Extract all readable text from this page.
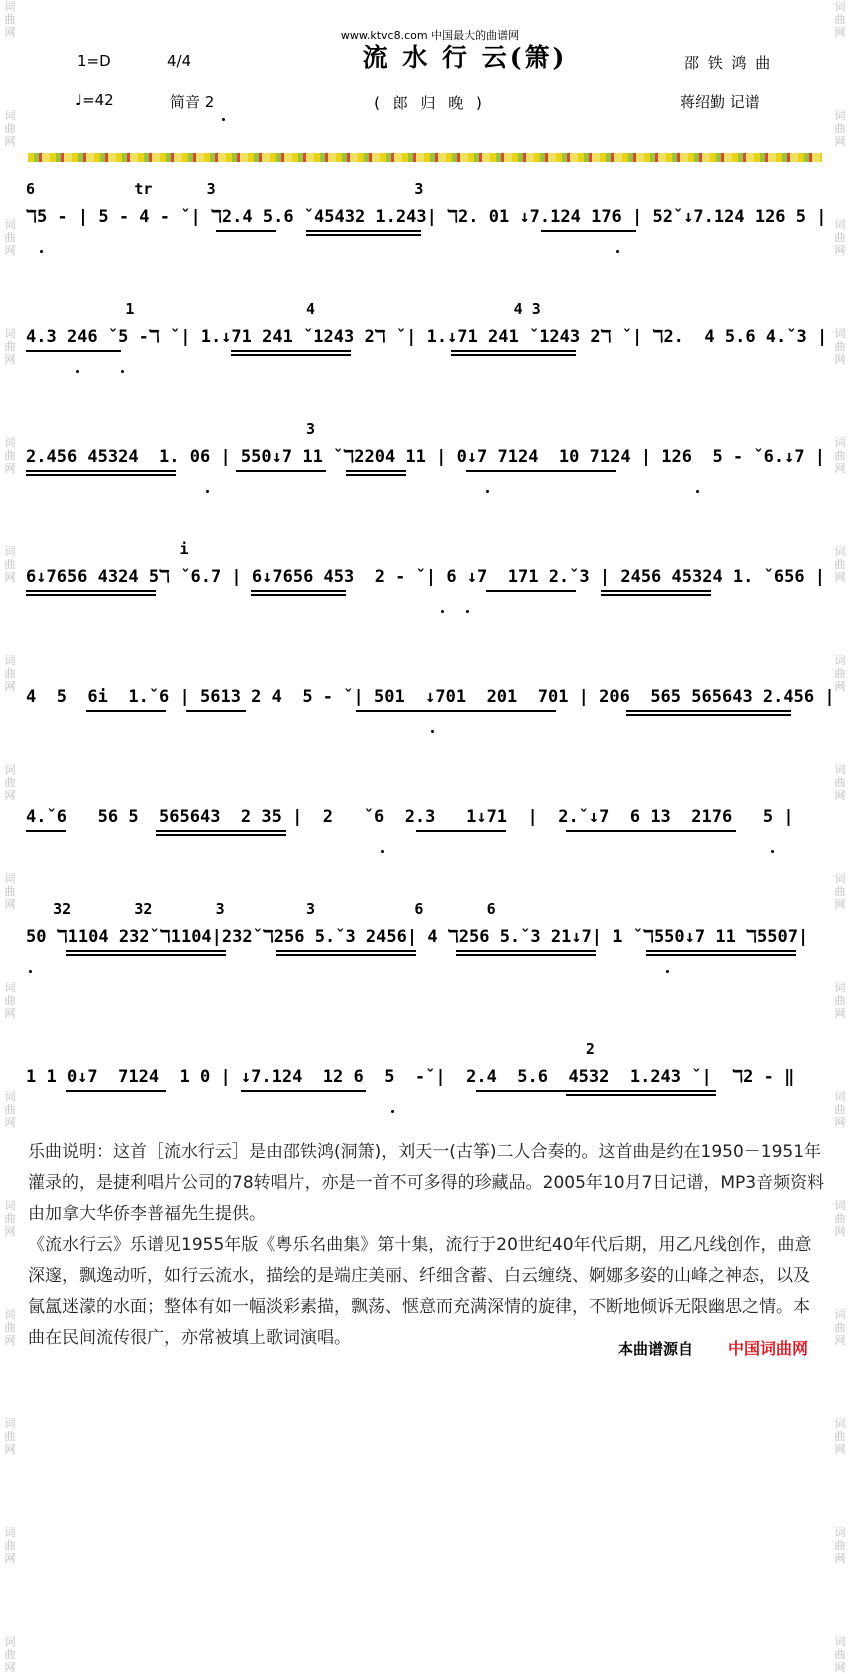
词曲网
词曲网
词曲网
词曲网
词曲网
词曲网
词曲网
词曲网
词曲网
词曲网
词曲网
词曲网
词曲网
词曲网
词曲网
词曲网
词曲网
词曲网
词曲网
词曲网
词曲网
词曲网
词曲网
词曲网
词曲网
词曲网
词曲网
词曲网
词曲网
词曲网
词曲网
词曲网
www.ktvc8.com 中国最大的曲谱网
1=D	4/4	流 水 行 云(箫)	邵 铁 鸿 曲
♩=42	简音 2	( 郎 归 晚 )	蒋绍勤 记谱
6           tr      3                      3
ℸ5 - | 5 - 4 - ˇ| ℸ2.4 5.6 ˇ45432 1.243| ℸ2. 01 ↓7.124 176 | 52ˇ↓7.124 126 5 |
1                   4                      4 3
4.3 246 ˇ5 -ℸ ˇ| 1.↓71 241 ˇ1243 2ℸ ˇ| 1.↓71 241 ˇ1243 2ℸ ˇ| ℸ2.  4 5.6 4.ˇ3 |
3
2.456 45324  1. 06 | 550↓7 11 ˇℸ2204 11 | 0↓7 7124  10 7124 | 126  5 - ˇ6.↓7 |
i
6↓7656 4324 5ℸ ˇ6.7 | 6↓7656 453  2 - ˇ| 6 ↓7  171 2.ˇ3 | 2456 45324 1. ˇ656 |
4  5  6i  1.ˇ6 | 5613 2 4  5 - ˇ| 501  ↓701  201  701 | 206  565 565643 2.456 |
4.ˇ6   56 5  565643  2 35 |  2   ˇ6  2.3   1↓71  |  2.ˇ↓7  6 13  2176   5 |
32       32       3         3           6       6
50 ℸ1104 232ˇℸ1104|232ˇℸ256 5.ˇ3 2456| 4 ℸ256 5.ˇ3 21↓7| 1 ˇℸ550↓7 11 ℸ5507|
2
1 1 0↓7  7124  1 0 | ↓7.124  12 6  5  -ˇ|  2.4  5.6  4532  1.243 ˇ|  ℸ2 - ‖

乐曲说明：这首［流水行云］是由邵铁鸿(洞箫)，刘天一(古筝)二人合奏的。这首曲是约在1950－1951年灌录的，是捷利唱片公司的78转唱片，亦是一首不可多得的珍藏品。2005年10月7日记谱，MP3音频资料由加拿大华侨李普福先生提供。

《流水行云》乐谱见1955年版《粤乐名曲集》第十集，流行于20世纪40年代后期，用乙凡线创作，曲意深邃，飘逸动听，如行云流水，描绘的是端庄美丽、纤细含蓄、白云缠绕、婀娜多姿的山峰之神态，以及氤氲迷濛的水面；整体有如一幅淡彩素描，飘荡、惬意而充满深情的旋律，不断地倾诉无限幽思之情。本曲在民间流传很广，亦常被填上歌词演唱。

本曲谱源自 中国词曲网
